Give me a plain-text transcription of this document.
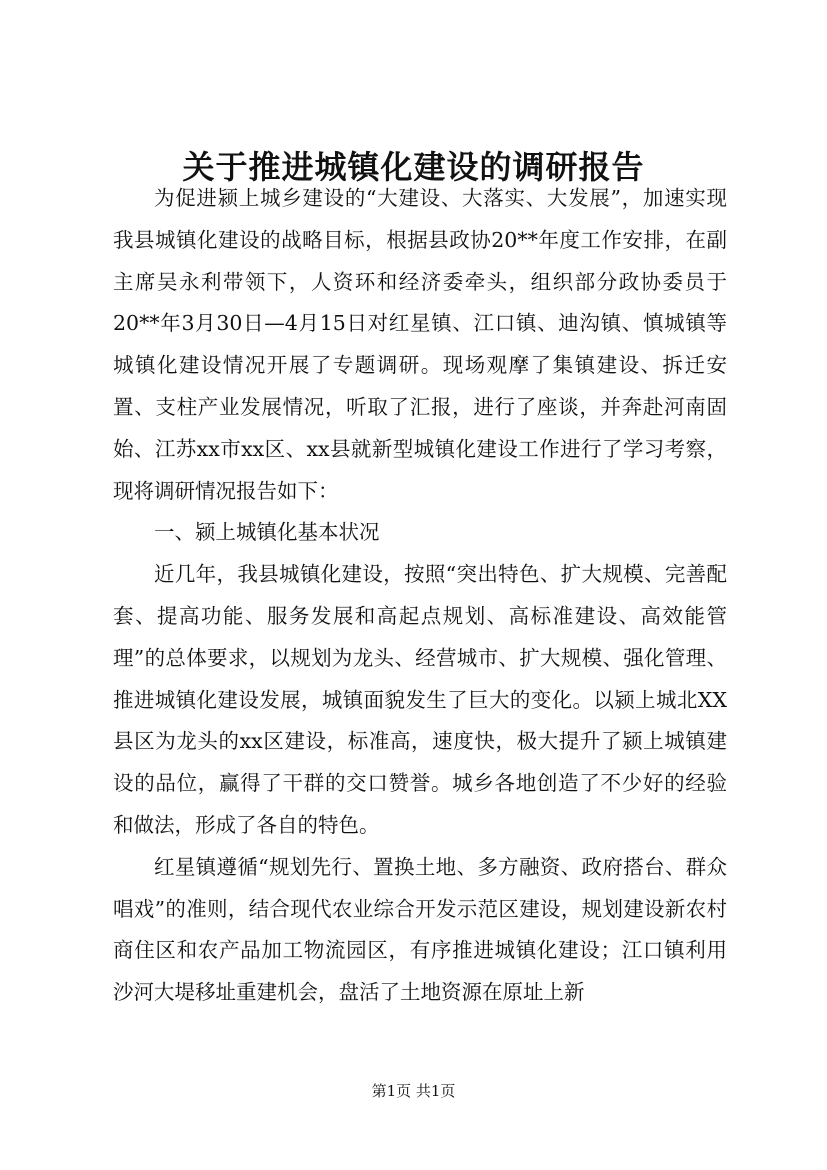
关于推进城镇化建设的调研报告

为促进颍上城乡建设的“大建设、大落实、大发展”，加速实现我县城镇化建设的战略目标，根据县政协20**年度工作安排，在副主席吴永利带领下，人资环和经济委牵头，组织部分政协委员于20**年3月30日—4月15日对红星镇、江口镇、迪沟镇、慎城镇等城镇化建设情况开展了专题调研。现场观摩了集镇建设、拆迁安置、支柱产业发展情况，听取了汇报，进行了座谈，并奔赴河南固始、江苏xx市xx区、xx县就新型城镇化建设工作进行了学习考察，现将调研情况报告如下：

一、颍上城镇化基本状况

近几年，我县城镇化建设，按照“突出特色、扩大规模、完善配套、提高功能、服务发展和高起点规划、高标准建设、高效能管理”的总体要求，以规划为龙头、经营城市、扩大规模、强化管理、推进城镇化建设发展，城镇面貌发生了巨大的变化。以颍上城北XX县区为龙头的xx区建设，标准高，速度快，极大提升了颍上城镇建设的品位，赢得了干群的交口赞誉。城乡各地创造了不少好的经验和做法，形成了各自的特色。

红星镇遵循“规划先行、置换土地、多方融资、政府搭台、群众唱戏”的准则，结合现代农业综合开发示范区建设，规划建设新农村商住区和农产品加工物流园区，有序推进城镇化建设；江口镇利用沙河大堤移址重建机会，盘活了土地资源在原址上新

第1页 共1页
